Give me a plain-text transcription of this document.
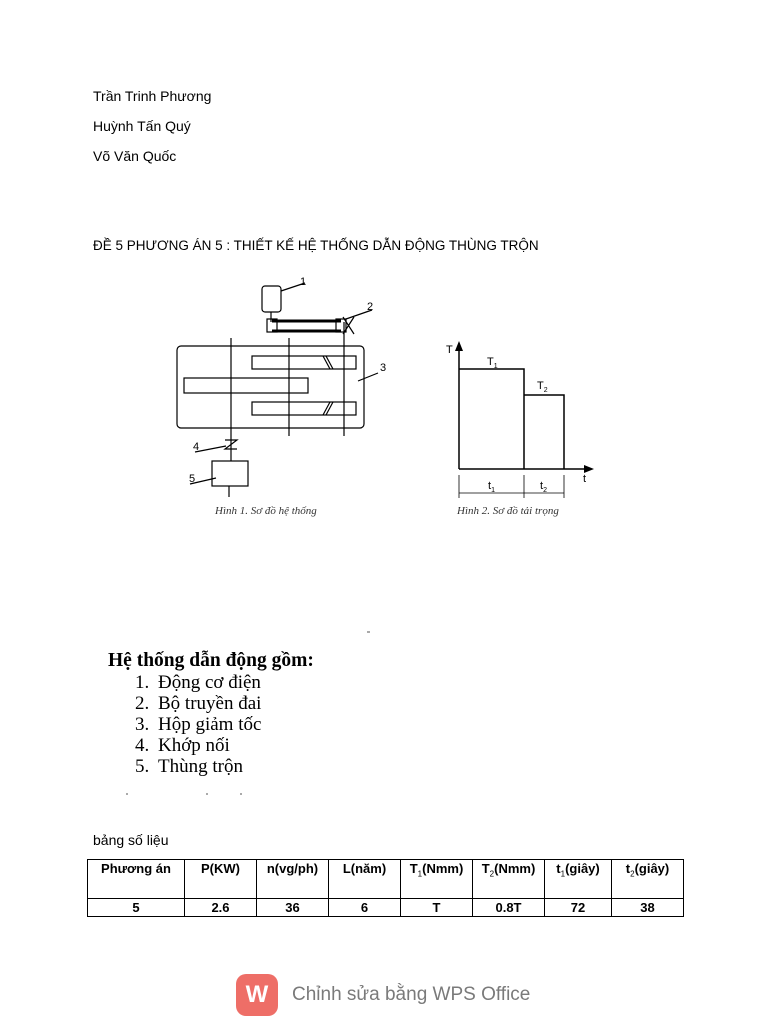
Trần Trinh Phương
Huỳnh Tấn Quý
Võ Văn Quốc
ĐỀ 5 PHƯƠNG ÁN 5 : THIẾT KẾ HỆ THỐNG DẪN ĐỘNG THÙNG TRỘN
1
2
3
4
5
Hình 1. Sơ đồ hệ thống
T
t
$T_1$
$T_2$
$t_1$	$t_2$
Hình 2. Sơ đồ tải trọng
Hệ thống dẫn động gồm:
1. Động cơ điện
2. Bộ truyền đai
3. Hộp giảm tốc
4. Khớp nối
5. Thùng trộn
bảng số liệu
Phương án	P(KW)	n(vg/ph)	L(năm)	$T_1(Nmm)$	$T_2(Nmm)$	$t_1(giây)$	$t_2(giây)$
5	2.6	36	6	T	0.8T	72	38
W	Chỉnh sửa bằng WPS Office
